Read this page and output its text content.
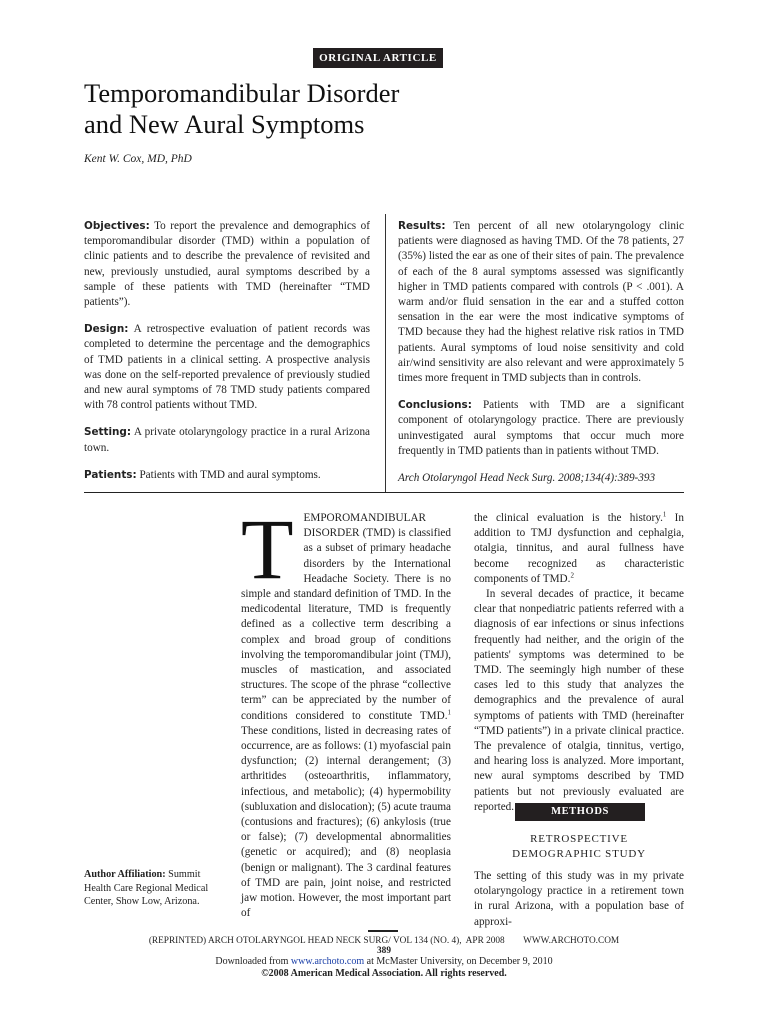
ORIGINAL ARTICLE
Temporomandibular Disorder
and New Aural Symptoms
Kent W. Cox, MD, PhD

Objectives: To report the prevalence and demographics of temporomandibular disorder (TMD) within a population of clinic patients and to describe the prevalence of revisited and new, previously unstudied, aural symptoms described by a sample of these patients with TMD (hereinafter “TMD patients”).

Design: A retrospective evaluation of patient records was completed to determine the percentage and the demographics of TMD patients in a clinical setting. A prospective analysis was done on the self-reported prevalence of previously studied and new aural symptoms of 78 TMD study patients compared with 78 control patients without TMD.

Setting: A private otolaryngology practice in a rural Arizona town.

Patients: Patients with TMD and aural symptoms.

Results: Ten percent of all new otolaryngology clinic patients were diagnosed as having TMD. Of the 78 patients, 27 (35%) listed the ear as one of their sites of pain. The prevalence of each of the 8 aural symptoms assessed was significantly higher in TMD patients compared with controls (P < .001). A warm and/or fluid sensation in the ear and a stuffed cotton sensation in the ear were the most indicative symptoms of TMD because they had the highest relative risk ratios in TMD patients. Aural symptoms of loud noise sensitivity and cold air/wind sensitivity are also relevant and were approximately 5 times more frequent in TMD subjects than in controls.

Conclusions: Patients with TMD are a significant component of otolaryngology practice. There are previously uninvestigated aural symptoms that occur much more frequently in TMD patients than in patients without TMD.

Arch Otolaryngol Head Neck Surg. 2008;134(4):389-393

TEMPOROMANDIBULAR DISORDER (TMD) is classified as a subset of primary headache disorders by the International Headache Society. There is no simple and standard definition of TMD. In the medicodental literature, TMD is frequently defined as a collective term describing a complex and broad group of conditions involving the temporomandibular joint (TMJ), muscles of mastication, and associated structures. The scope of the phrase “collective term” can be appreciated by the number of conditions considered to constitute TMD.$^1$ These conditions, listed in decreasing rates of occurrence, are as follows: (1) myofascial pain dysfunction; (2) internal derangement; (3) arthritides (osteoarthritis, inflammatory, infectious, and metabolic); (4) hypermobility (subluxation and dislocation); (5) acute trauma (contusions and fractures); (6) ankylosis (true or false); (7) developmental abnormalities (genetic or acquired); and (8) neoplasia (benign or malignant). The 3 cardinal features of TMD are pain, joint noise, and restricted jaw motion. However, the most important part of

the clinical evaluation is the history.$^1$ In addition to TMJ dysfunction and cephalgia, otalgia, tinnitus, and aural fullness have become recognized as characteristic components of TMD.$^2$

In several decades of practice, it became clear that nonpediatric patients referred with a diagnosis of ear infections or sinus infections frequently had neither, and the origin of the patients' symptoms was determined to be TMD. The seemingly high number of these cases led to this study that analyzes the demographics and the prevalence of aural symptoms of patients with TMD (hereinafter “TMD patients”) in a private clinical practice. The prevalence of otalgia, tinnitus, vertigo, and hearing loss is analyzed. More important, new aural symptoms described by TMD patients but not previously evaluated are reported.	METHODS
RETROSPECTIVE
DEMOGRAPHIC STUDY

The setting of this study was in my private otolaryngology practice in a retirement town in rural Arizona, with a population base of approxi-

Author Affiliation: Summit Health Care Regional Medical Center, Show Low, Arizona.
(REPRINTED) ARCH OTOLARYNGOL HEAD NECK SURG/ VOL 134 (NO. 4),  APR 2008        WWW.ARCHOTO.COM
389
Downloaded from www.archoto.com at McMaster University, on December 9, 2010
©2008 American Medical Association. All rights reserved.
